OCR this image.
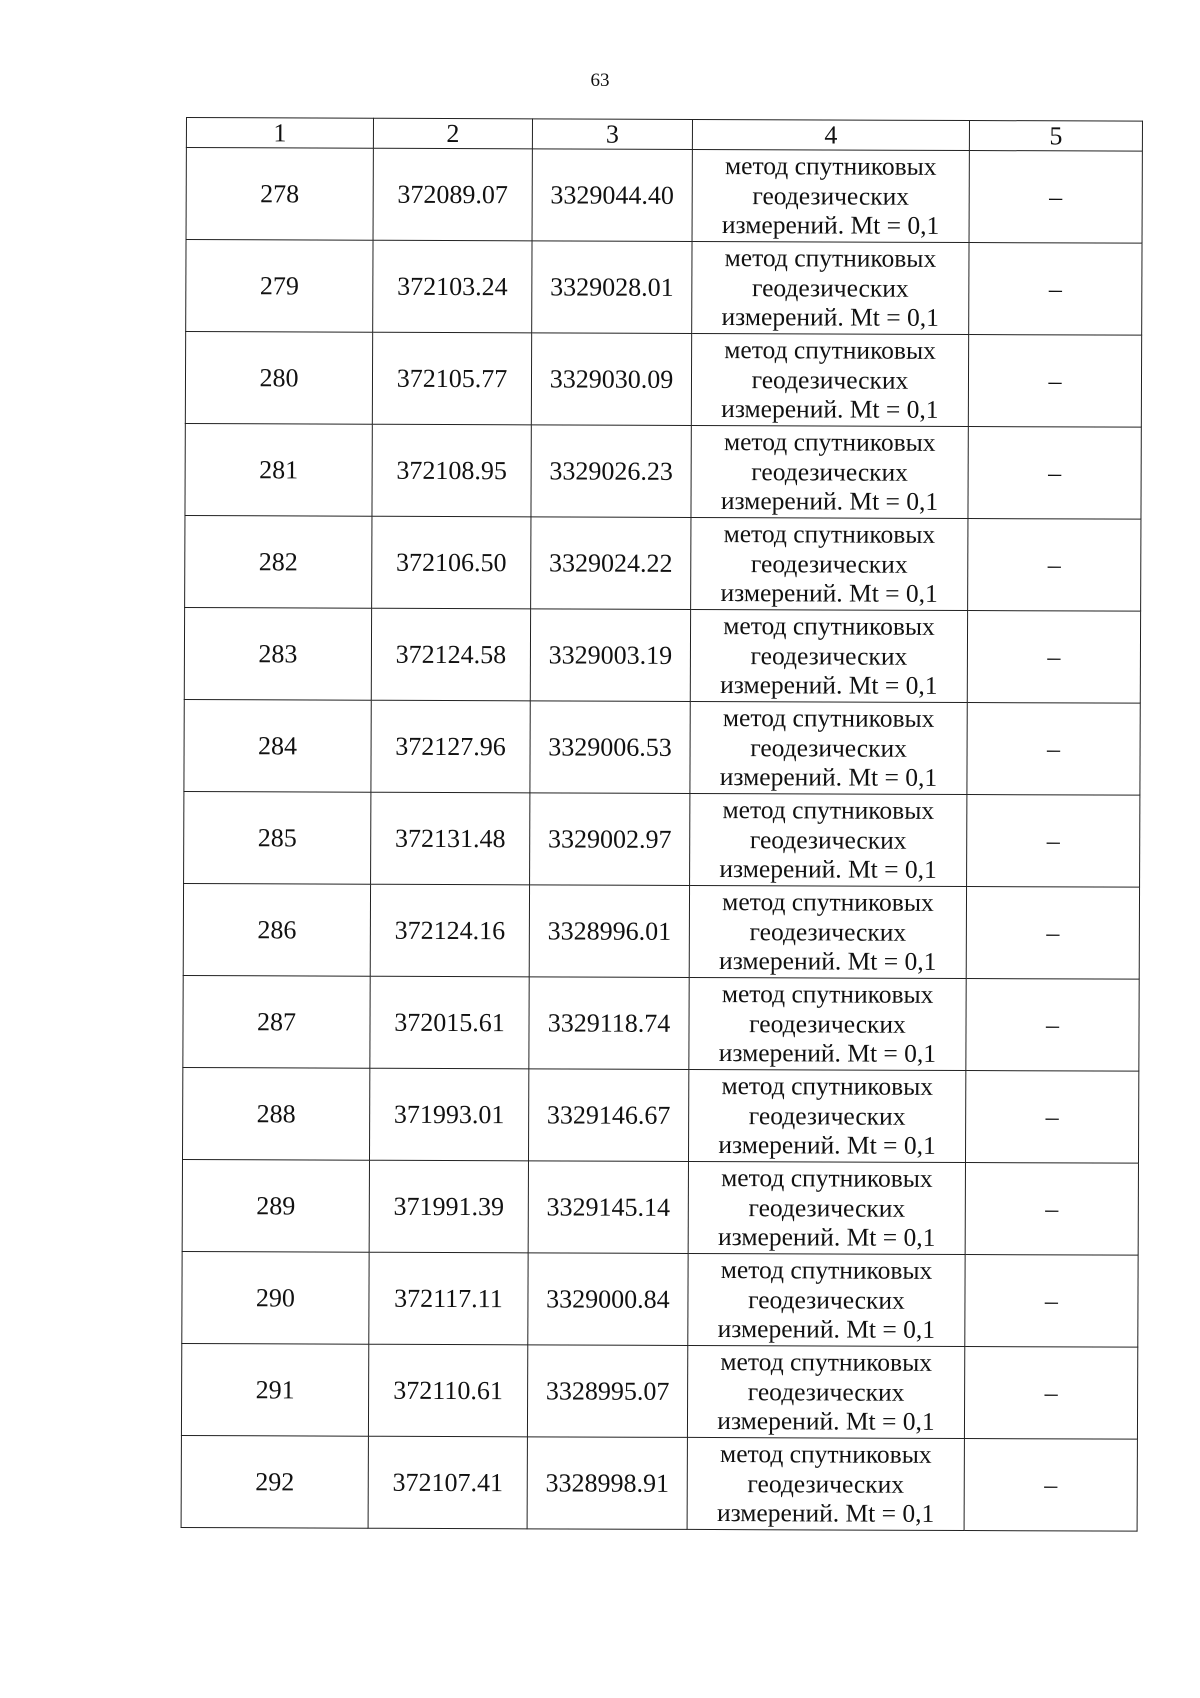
63
1	2	3	4	5
278	372089.07	3329044.40	метод спутниковых
геодезических
измерений. Mt = 0,1	–
279	372103.24	3329028.01	метод спутниковых
геодезических
измерений. Mt = 0,1	–
280	372105.77	3329030.09	метод спутниковых
геодезических
измерений. Mt = 0,1	–
281	372108.95	3329026.23	метод спутниковых
геодезических
измерений. Mt = 0,1	–
282	372106.50	3329024.22	метод спутниковых
геодезических
измерений. Mt = 0,1	–
283	372124.58	3329003.19	метод спутниковых
геодезических
измерений. Mt = 0,1	–
284	372127.96	3329006.53	метод спутниковых
геодезических
измерений. Mt = 0,1	–
285	372131.48	3329002.97	метод спутниковых
геодезических
измерений. Mt = 0,1	–
286	372124.16	3328996.01	метод спутниковых
геодезических
измерений. Mt = 0,1	–
287	372015.61	3329118.74	метод спутниковых
геодезических
измерений. Mt = 0,1	–
288	371993.01	3329146.67	метод спутниковых
геодезических
измерений. Mt = 0,1	–
289	371991.39	3329145.14	метод спутниковых
геодезических
измерений. Mt = 0,1	–
290	372117.11	3329000.84	метод спутниковых
геодезических
измерений. Mt = 0,1	–
291	372110.61	3328995.07	метод спутниковых
геодезических
измерений. Mt = 0,1	–
292	372107.41	3328998.91	метод спутниковых
геодезических
измерений. Mt = 0,1	–
